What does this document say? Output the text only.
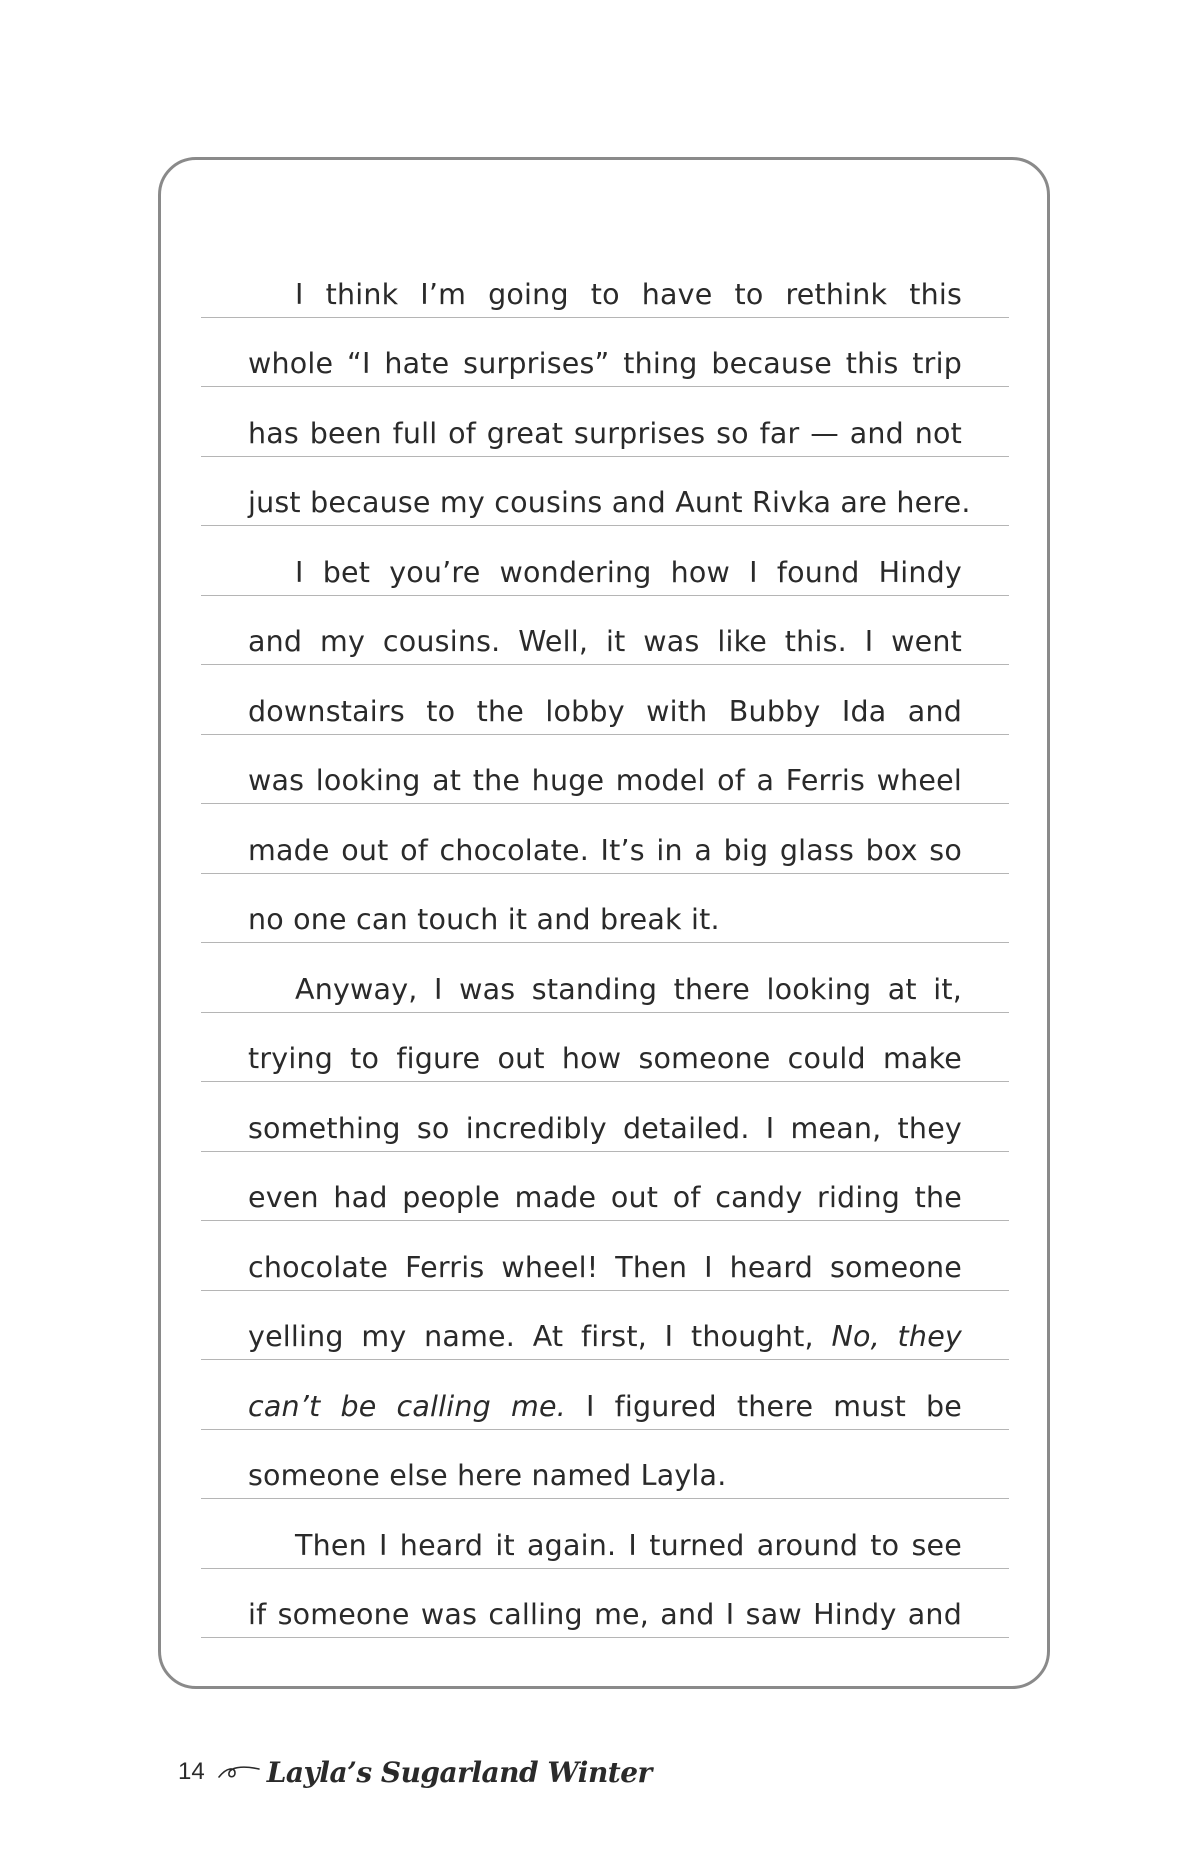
I think I’m going to have to rethink this
whole “I hate surprises” thing because this trip
has been full of great surprises so far — and not
just because my cousins and Aunt Rivka are here.
I bet you’re wondering how I found Hindy
and my cousins. Well, it was like this. I went
downstairs to the lobby with Bubby Ida and
was looking at the huge model of a Ferris wheel
made out of chocolate. It’s in a big glass box so
no one can touch it and break it.
Anyway, I was standing there looking at it,
trying to figure out how someone could make
something so incredibly detailed. I mean, they
even had people made out of candy riding the
chocolate Ferris wheel! Then I heard someone
yelling my name. At first, I thought, No, they
can’t be calling me. I figured there must be
someone else here named Layla.
Then I heard it again. I turned around to see
if someone was calling me, and I saw Hindy and
14 Layla’s Sugarland Winter
